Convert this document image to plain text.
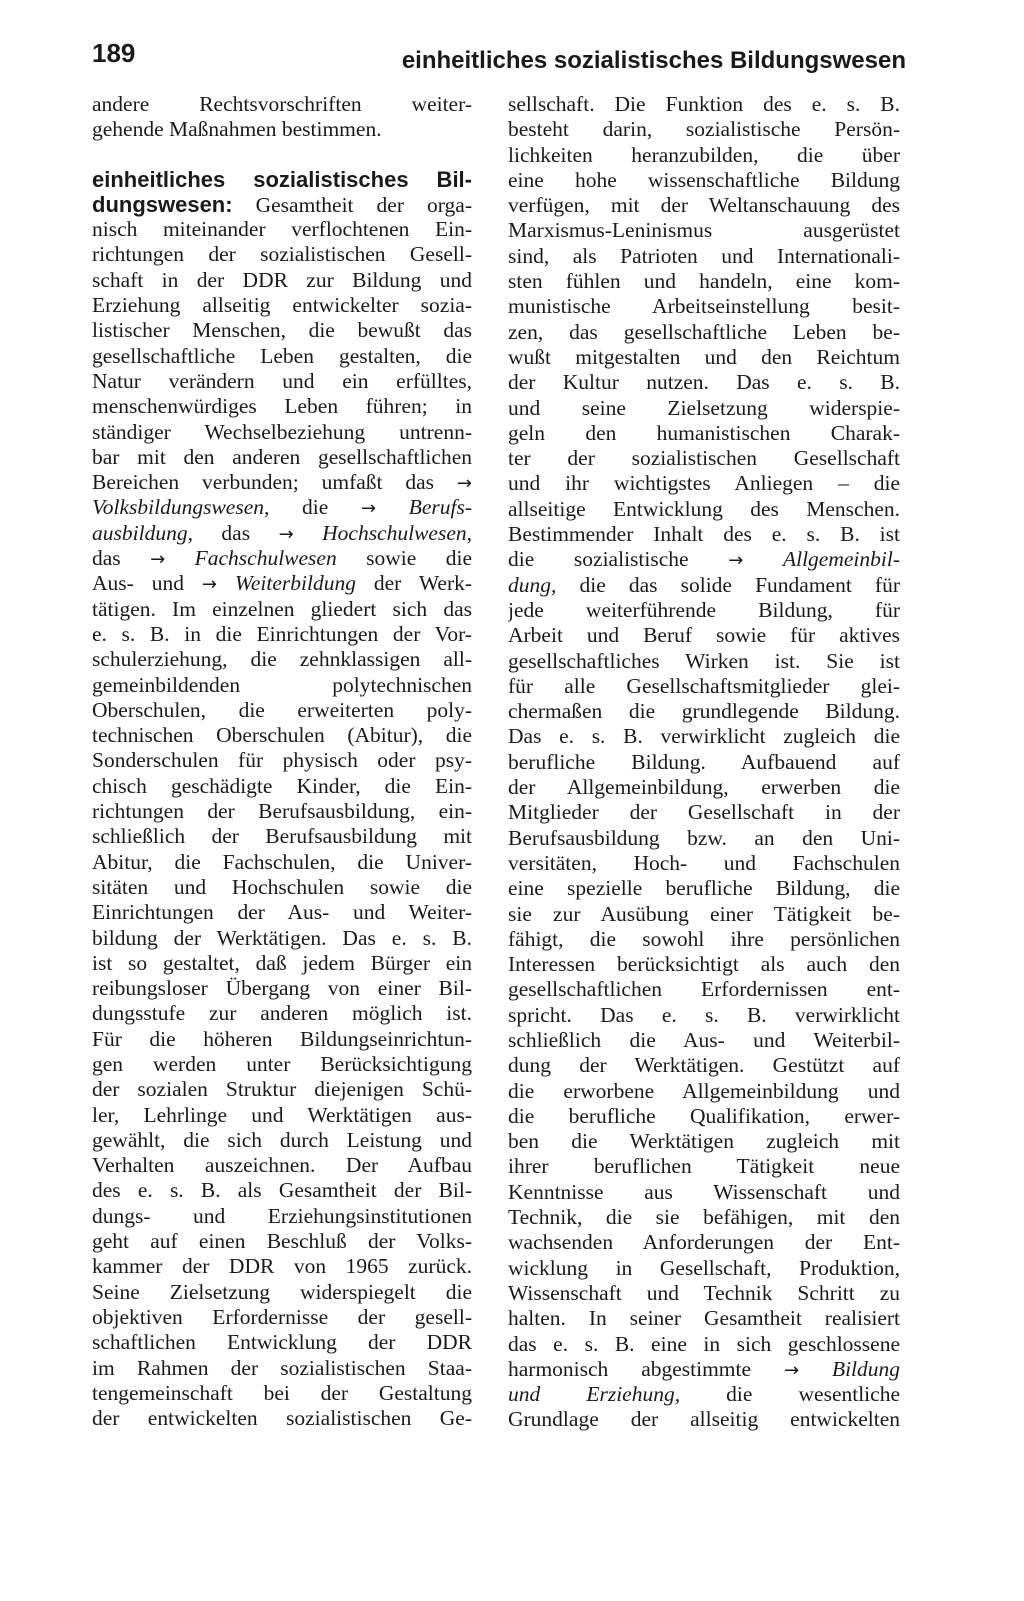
189	einheitliches sozialistisches Bildungswesen
andere Rechtsvorschriften weiter-
gehende Maßnahmen bestimmen.
einheitliches sozialistisches Bil-
dungswesen: Gesamtheit der orga-
nisch miteinander verflochtenen Ein-
richtungen der sozialistischen Gesell-
schaft in der DDR zur Bildung und
Erziehung allseitig entwickelter sozia-
listischer Menschen, die bewußt das
gesellschaftliche Leben gestalten, die
Natur verändern und ein erfülltes,
menschenwürdiges Leben führen; in
ständiger Wechselbeziehung untrenn-
bar mit den anderen gesellschaftlichen
Bereichen verbunden; umfaßt das →
Volksbildungswesen, die → Berufs-
ausbildung, das → Hochschulwesen,
das → Fachschulwesen sowie die
Aus- und → Weiterbildung der Werk-
tätigen. Im einzelnen gliedert sich das
e. s. B. in die Einrichtungen der Vor-
schulerziehung, die zehnklassigen all-
gemeinbildenden polytechnischen
Oberschulen, die erweiterten poly-
technischen Oberschulen (Abitur), die
Sonderschulen für physisch oder psy-
chisch geschädigte Kinder, die Ein-
richtungen der Berufsausbildung, ein-
schließlich der Berufsausbildung mit
Abitur, die Fachschulen, die Univer-
sitäten und Hochschulen sowie die
Einrichtungen der Aus- und Weiter-
bildung der Werktätigen. Das e. s. B.
ist so gestaltet, daß jedem Bürger ein
reibungsloser Übergang von einer Bil-
dungsstufe zur anderen möglich ist.
Für die höheren Bildungseinrichtun-
gen werden unter Berücksichtigung
der sozialen Struktur diejenigen Schü-
ler, Lehrlinge und Werktätigen aus-
gewählt, die sich durch Leistung und
Verhalten auszeichnen. Der Aufbau
des e. s. B. als Gesamtheit der Bil-
dungs- und Erziehungsinstitutionen
geht auf einen Beschluß der Volks-
kammer der DDR von 1965 zurück.
Seine Zielsetzung widerspiegelt die
objektiven Erfordernisse der gesell-
schaftlichen Entwicklung der DDR
im Rahmen der sozialistischen Staa-
tengemeinschaft bei der Gestaltung
der entwickelten sozialistischen Ge-
sellschaft. Die Funktion des e. s. B.
besteht darin, sozialistische Persön-
lichkeiten heranzubilden, die über
eine hohe wissenschaftliche Bildung
verfügen, mit der Weltanschauung des
Marxismus-Leninismus ausgerüstet
sind, als Patrioten und Internationali-
sten fühlen und handeln, eine kom-
munistische Arbeitseinstellung besit-
zen, das gesellschaftliche Leben be-
wußt mitgestalten und den Reichtum
der Kultur nutzen. Das e. s. B.
und seine Zielsetzung widerspie-
geln den humanistischen Charak-
ter der sozialistischen Gesellschaft
und ihr wichtigstes Anliegen – die
allseitige Entwicklung des Menschen.
Bestimmender Inhalt des e. s. B. ist
die sozialistische → Allgemeinbil-
dung, die das solide Fundament für
jede weiterführende Bildung, für
Arbeit und Beruf sowie für aktives
gesellschaftliches Wirken ist. Sie ist
für alle Gesellschaftsmitglieder glei-
chermaßen die grundlegende Bildung.
Das e. s. B. verwirklicht zugleich die
berufliche Bildung. Aufbauend auf
der Allgemeinbildung, erwerben die
Mitglieder der Gesellschaft in der
Berufsausbildung bzw. an den Uni-
versitäten, Hoch- und Fachschulen
eine spezielle berufliche Bildung, die
sie zur Ausübung einer Tätigkeit be-
fähigt, die sowohl ihre persönlichen
Interessen berücksichtigt als auch den
gesellschaftlichen Erfordernissen ent-
spricht. Das e. s. B. verwirklicht
schließlich die Aus- und Weiterbil-
dung der Werktätigen. Gestützt auf
die erworbene Allgemeinbildung und
die berufliche Qualifikation, erwer-
ben die Werktätigen zugleich mit
ihrer beruflichen Tätigkeit neue
Kenntnisse aus Wissenschaft und
Technik, die sie befähigen, mit den
wachsenden Anforderungen der Ent-
wicklung in Gesellschaft, Produktion,
Wissenschaft und Technik Schritt zu
halten. In seiner Gesamtheit realisiert
das e. s. B. eine in sich geschlossene
harmonisch abgestimmte → Bildung
und Erziehung, die wesentliche
Grundlage der allseitig entwickelten
